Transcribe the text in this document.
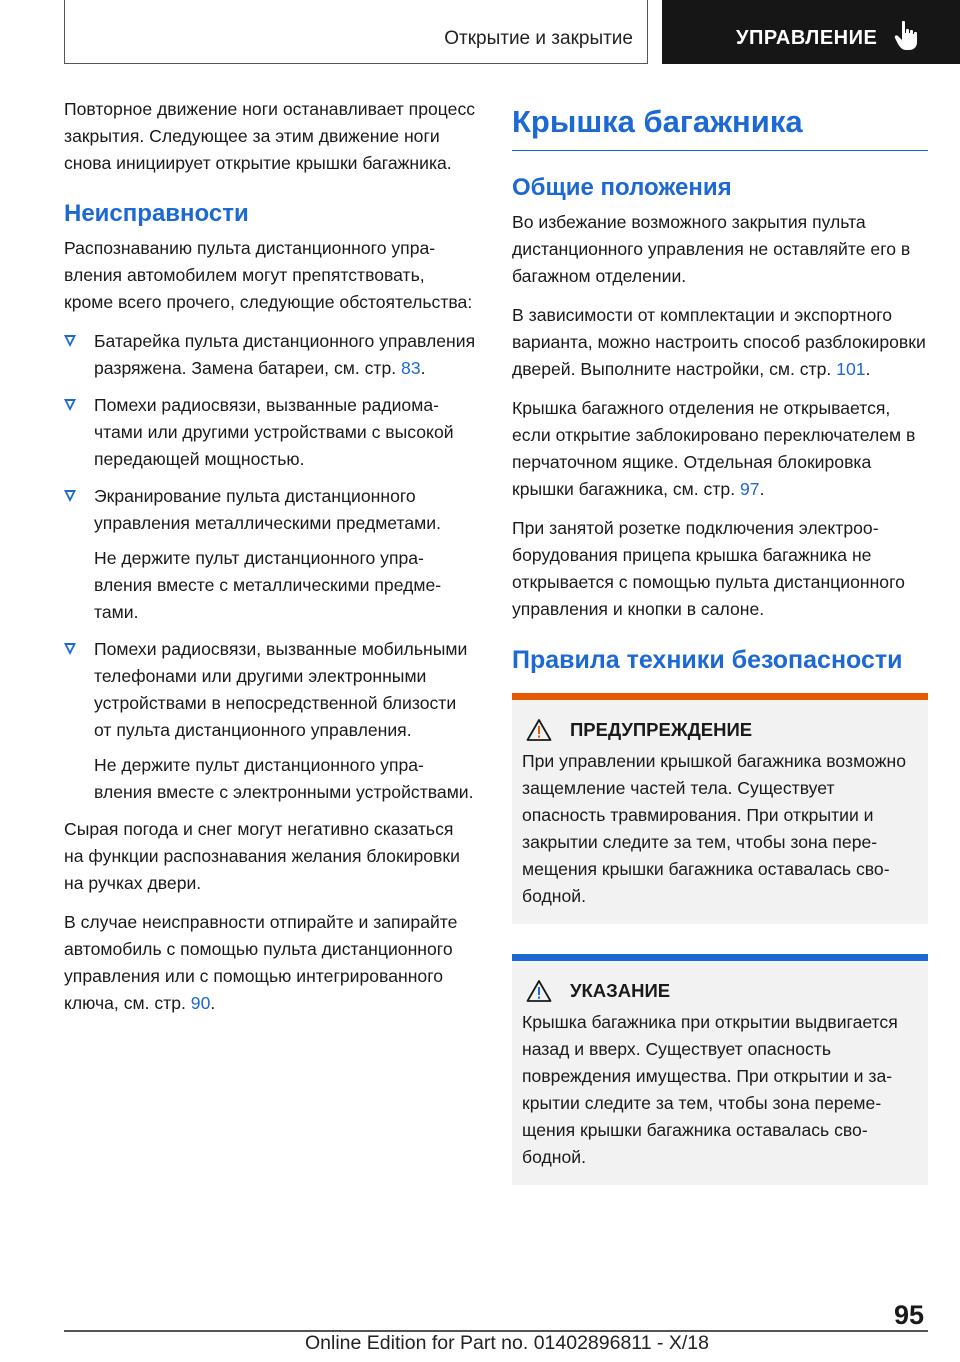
Открытие и закрытие	УПРАВЛЕНИЕ

Повторное движение ноги останавливает процесс закрытия. Следующее за этим движение ноги снова инициирует открытие крышки багажника.

Неисправности

Распознаванию пульта дистанционного управления автомобилем могут препятствовать, кроме всего прочего, следующие обстоятельства:

Батарейка пульта дистанционного управления разряжена. Замена батареи, см. стр. 83.

Помехи радиосвязи, вызванные радиомачтами или другими устройствами с высокой передающей мощностью.

Экранирование пульта дистанционного управления металлическими предметами.

Не держите пульт дистанционного управления вместе с металлическими предметами.

Помехи радиосвязи, вызванные мобильными телефонами или другими электронными устройствами в непосредственной близости от пульта дистанционного управления.

Не держите пульт дистанционного управления вместе с электронными устройствами.

Сырая погода и снег могут негативно сказаться на функции распознавания желания блокировки на ручках двери.

В случае неисправности отпирайте и запирайте автомобиль с помощью пульта дистанционного управления или с помощью интегрированного ключа, см. стр. 90.

Крышка багажника
Общие положения

Во избежание возможного закрытия пульта дистанционного управления не оставляйте его в багажном отделении.

В зависимости от комплектации и экспортного варианта, можно настроить способ разблокировки дверей. Выполните настройки, см. стр. 101.

Крышка багажного отделения не открывается, если открытие заблокировано переключателем в перчаточном ящике. Отдельная блокировка крышки багажника, см. стр. 97.

При занятой розетке подключения электрооборудования прицепа крышка багажника не открывается с помощью пульта дистанционного управления и кнопки в салоне.

Правила техники безопасности
ПРЕДУПРЕЖДЕНИЕ

При управлении крышкой багажника возможно защемление частей тела. Существует опасность травмирования. При открытии и закрытии следите за тем, чтобы зона перемещения крышки багажника оставалась свободной.

УКАЗАНИЕ

Крышка багажника при открытии выдвигается назад и вверх. Существует опасность повреждения имущества. При открытии и закрытии следите за тем, чтобы зона перемещения крышки багажника оставалась свободной.

95
Online Edition for Part no. 01402896811 - X/18
